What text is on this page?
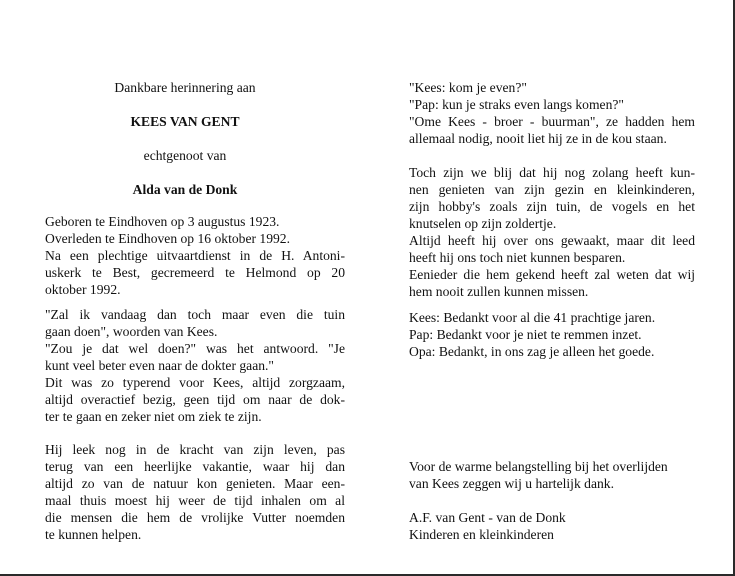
Dankbare herinnering aan
KEES VAN GENT
echtgenoot van
Alda van de Donk
Geboren te Eindhoven op 3 augustus 1923.
Overleden te Eindhoven op 16 oktober 1992.
Na een plechtige uitvaartdienst in de H. Antoni-
uskerk te Best, gecremeerd te Helmond op 20
oktober 1992.
"Zal ik vandaag dan toch maar even die tuin
gaan doen", woorden van Kees.
"Zou je dat wel doen?" was het antwoord. "Je
kunt veel beter even naar de dokter gaan."
Dit was zo typerend voor Kees, altijd zorgzaam,
altijd overactief bezig, geen tijd om naar de dok-
ter te gaan en zeker niet om ziek te zijn.
Hij leek nog in de kracht van zijn leven, pas
terug van een heerlijke vakantie, waar hij dan
altijd zo van de natuur kon genieten. Maar een-
maal thuis moest hij weer de tijd inhalen om al
die mensen die hem de vrolijke Vutter noemden
te kunnen helpen.
"Kees: kom je even?"
"Pap: kun je straks even langs komen?"
"Ome Kees - broer - buurman", ze hadden hem
allemaal nodig, nooit liet hij ze in de kou staan.
Toch zijn we blij dat hij nog zolang heeft kun-
nen genieten van zijn gezin en kleinkinderen,
zijn hobby's zoals zijn tuin, de vogels en het
knutselen op zijn zoldertje.
Altijd heeft hij over ons gewaakt, maar dit leed
heeft hij ons toch niet kunnen besparen.
Eenieder die hem gekend heeft zal weten dat wij
hem nooit zullen kunnen missen.
Kees: Bedankt voor al die 41 prachtige jaren.
Pap: Bedankt voor je niet te remmen inzet.
Opa: Bedankt, in ons zag je alleen het goede.
Voor de warme belangstelling bij het overlijden
van Kees zeggen wij u hartelijk dank.
A.F. van Gent - van de Donk
Kinderen en kleinkinderen
